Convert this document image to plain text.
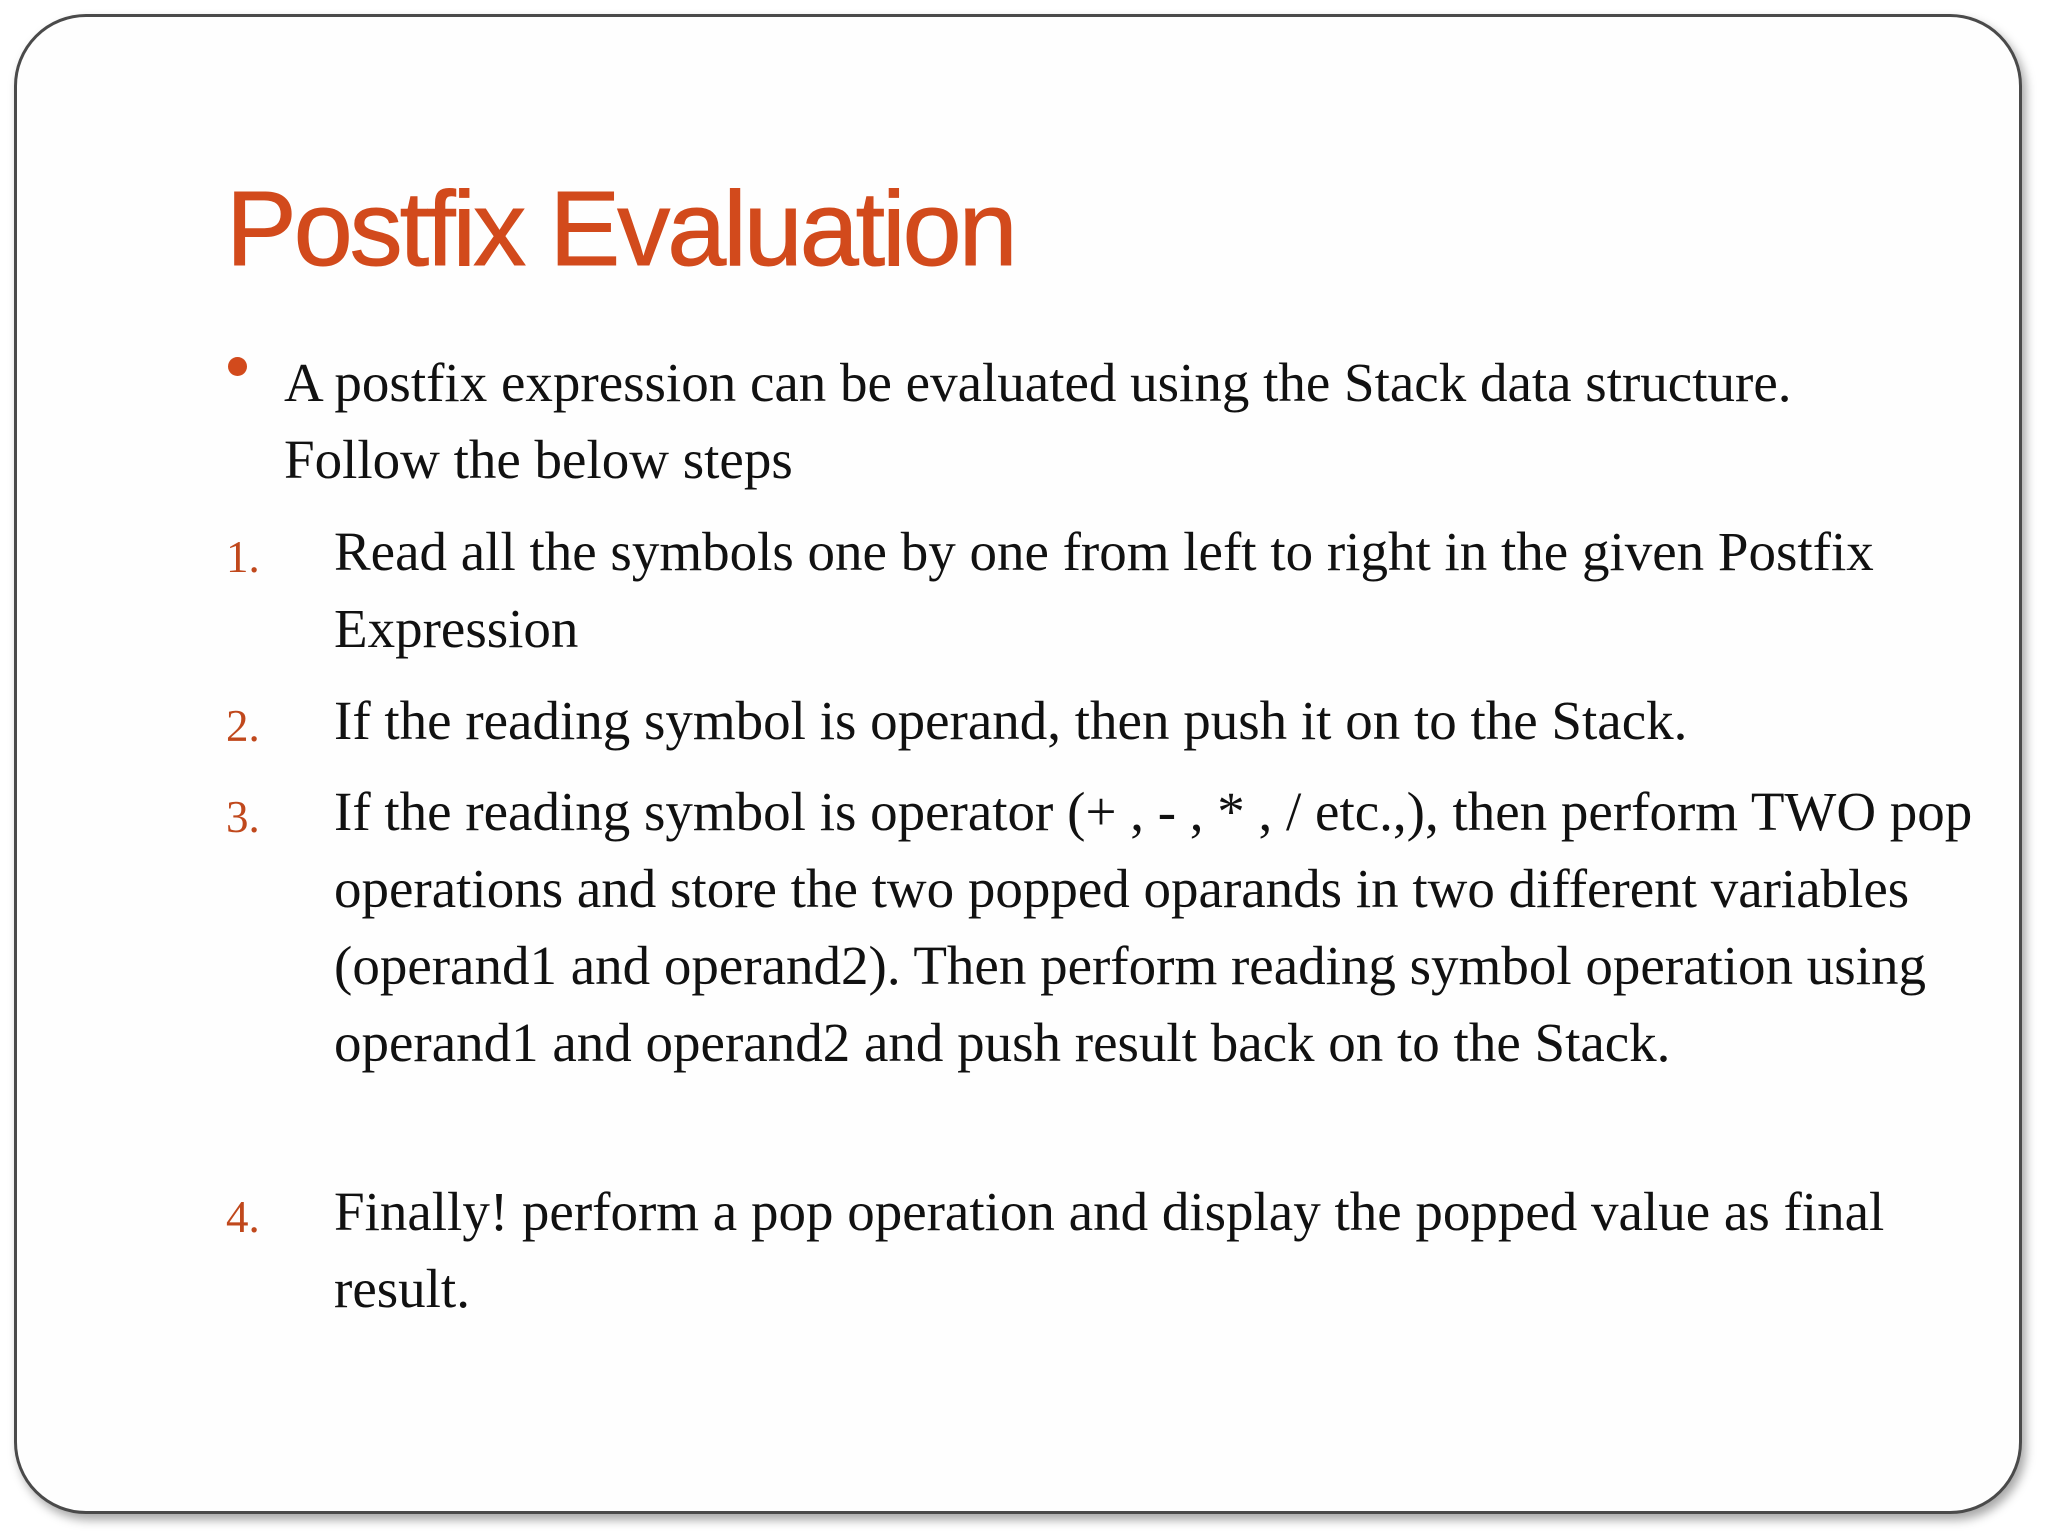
Postfix Evaluation
A postfix expression can be evaluated using the Stack data structure. Follow the below steps
1. Read all the symbols one by one from left to right in the given Postfix Expression
2. If the reading symbol is operand, then push it on to the Stack.
3. If the reading symbol is operator (+ , - , * , / etc.,), then perform TWO pop operations and store the two popped oparands in two different variables (operand1 and operand2). Then perform reading symbol operation using operand1 and operand2 and push result back on to the Stack.
4. Finally! perform a pop operation and display the popped value as final result.
